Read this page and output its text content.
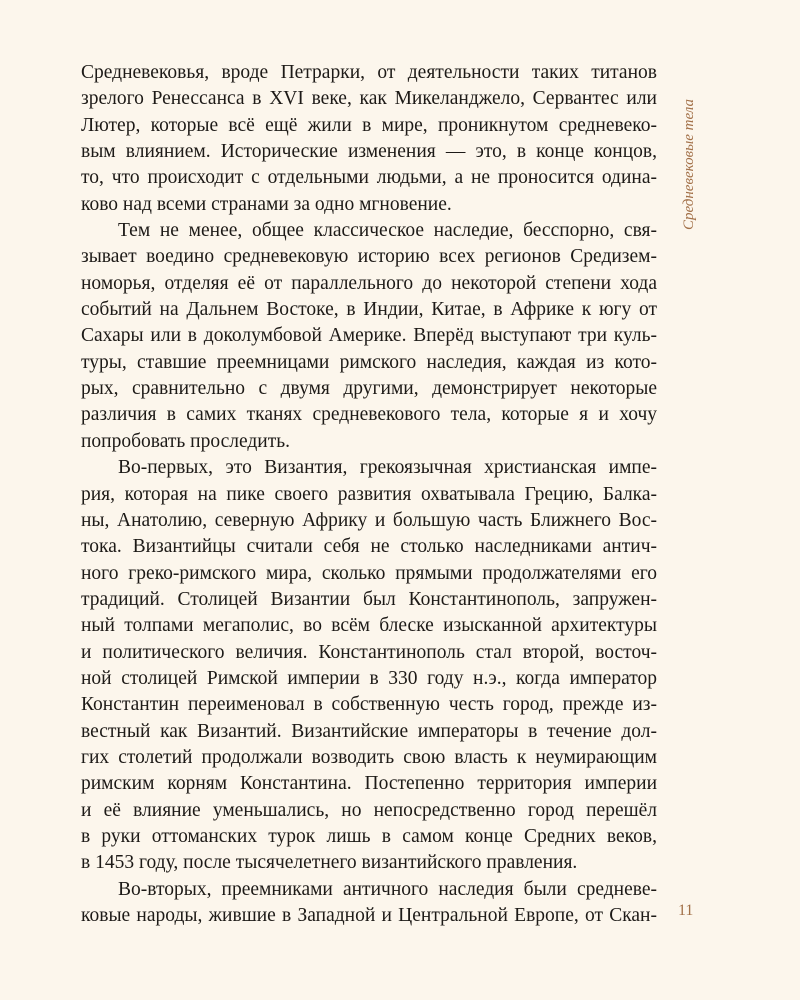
Средневековья, вроде Петрарки, от деятельности таких титанов
зрелого Ренессанса в XVI веке, как Микеланджело, Сервантес или
Лютер, которые всё ещё жили в мире, проникнутом средневеко-
вым влиянием. Исторические изменения — это, в конце концов,
то, что происходит с отдельными людьми, а не проносится одина-
ково над всеми странами за одно мгновение.
Тем не менее, общее классическое наследие, бесспорно, свя-
зывает воедино средневековую историю всех регионов Средизем-
номорья, отделяя её от параллельного до некоторой степени хода
событий на Дальнем Востоке, в Индии, Китае, в Африке к югу от
Сахары или в доколумбовой Америке. Вперёд выступают три куль-
туры, ставшие преемницами римского наследия, каждая из кото-
рых, сравнительно с двумя другими, демонстрирует некоторые
различия в самих тканях средневекового тела, которые я и хочу
попробовать проследить.
Во-первых, это Византия, грекоязычная христианская импе-
рия, которая на пике своего развития охватывала Грецию, Балка-
ны, Анатолию, северную Африку и большую часть Ближнего Вос-
тока. Византийцы считали себя не столько наследниками антич-
ного греко-римского мира, сколько прямыми продолжателями его
традиций. Столицей Византии был Константинополь, запружен-
ный толпами мегаполис, во всём блеске изысканной архитектуры
и политического величия. Константинополь стал второй, восточ-
ной столицей Римской империи в 330 году н.э., когда император
Константин переименовал в собственную честь город, прежде из-
вестный как Византий. Византийские императоры в течение дол-
гих столетий продолжали возводить свою власть к неумирающим
римским корням Константина. Постепенно территория империи
и её влияние уменьшались, но непосредственно город перешёл
в руки оттоманских турок лишь в самом конце Средних веков,
в 1453 году, после тысячелетнего византийского правления.
Во-вторых, преемниками античного наследия были средневе-
ковые народы, жившие в Западной и Центральной Европе, от Скан-
Средневековые тела
11
